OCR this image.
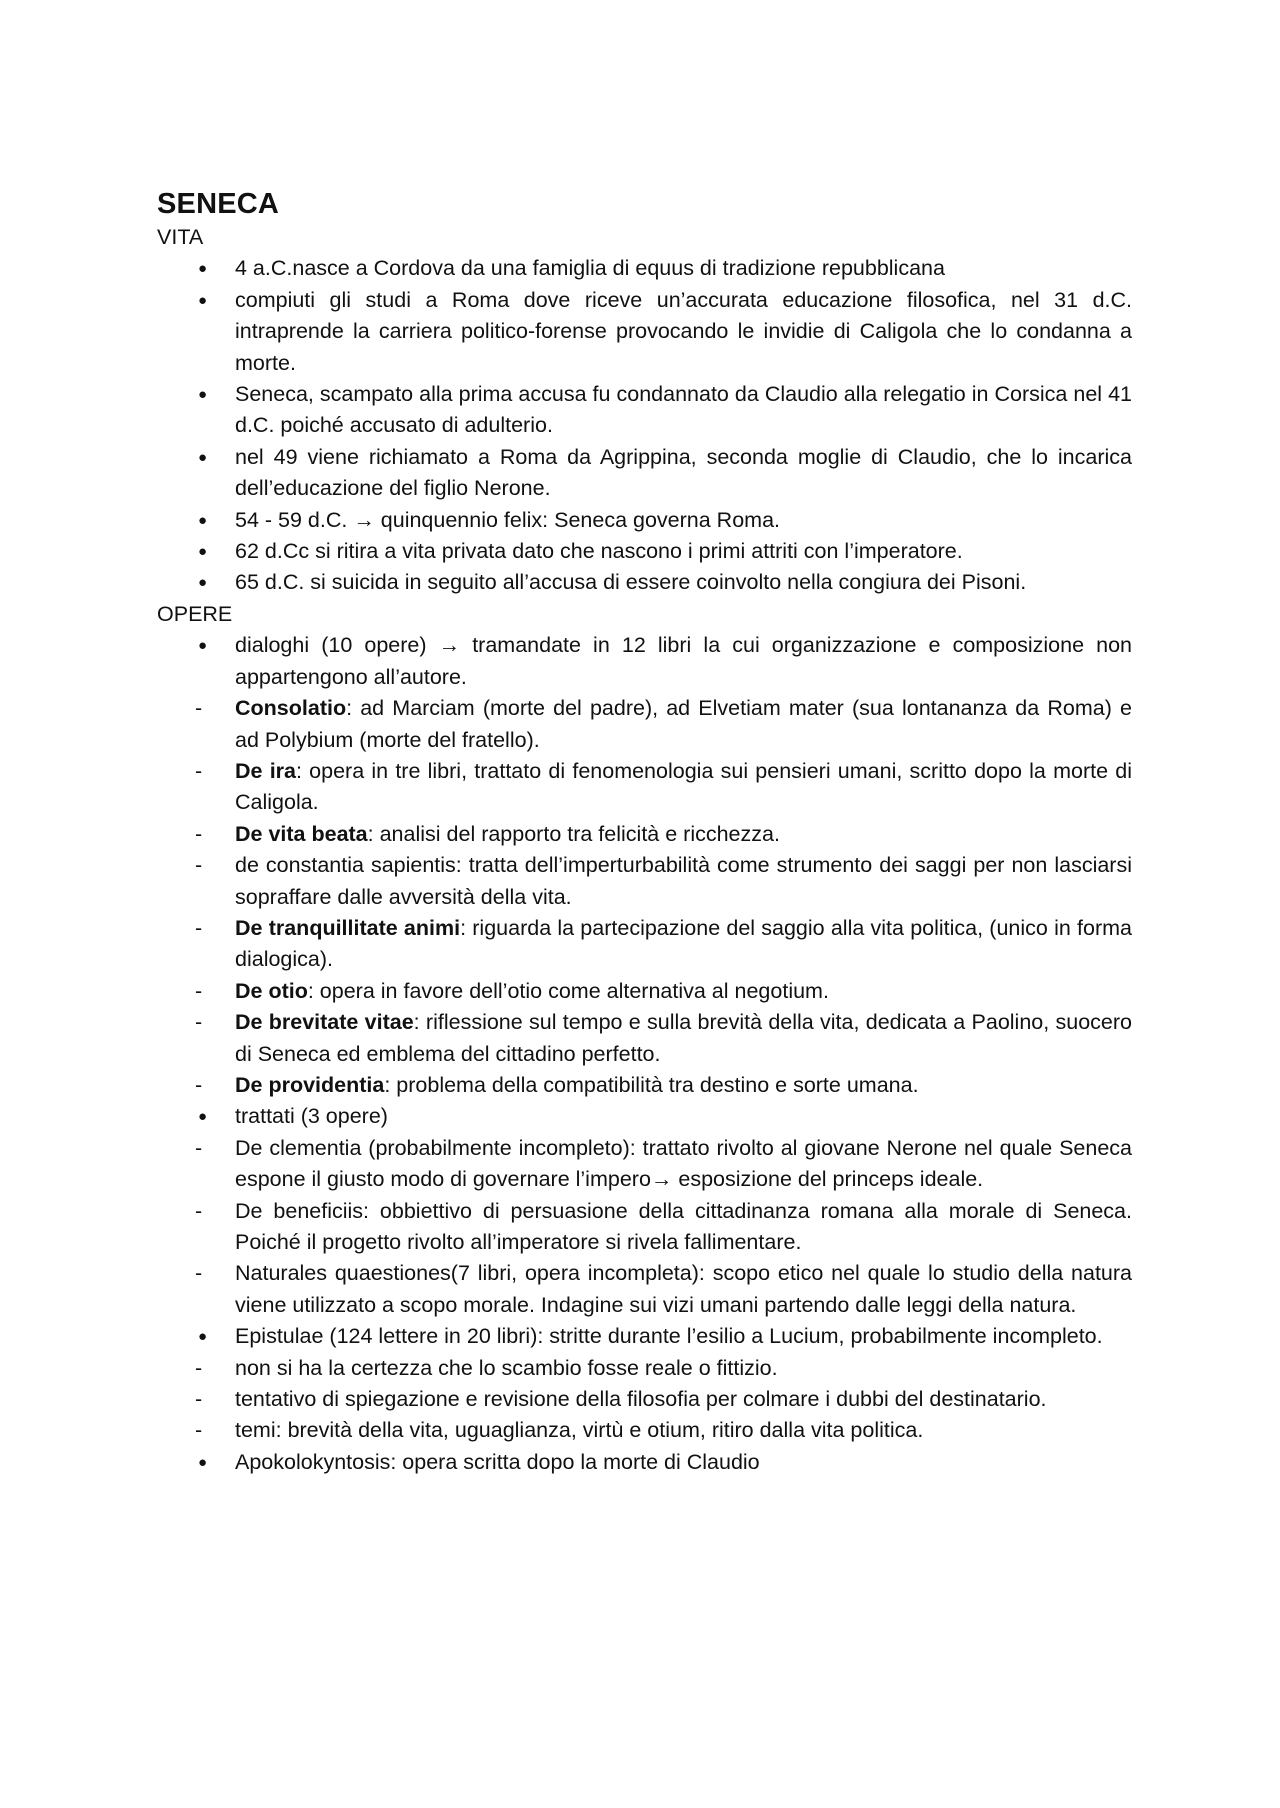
SENECA
VITA
● 4 a.C.nasce a Cordova da una famiglia di equus di tradizione repubblicana
● compiuti gli studi a Roma dove riceve un’accurata educazione filosofica, nel 31 d.C. intraprende la carriera politico-forense provocando le invidie di Caligola che lo condanna a morte.
● Seneca, scampato alla prima accusa fu condannato da Claudio alla relegatio in Corsica nel 41 d.C. poiché accusato di adulterio.
● nel 49 viene richiamato a Roma da Agrippina, seconda moglie di Claudio, che lo incarica dell’educazione del figlio Nerone.
● 54 - 59 d.C. → quinquennio felix: Seneca governa Roma.
● 62 d.Cc si ritira a vita privata dato che nascono i primi attriti con l’imperatore.
● 65 d.C. si suicida in seguito all’accusa di essere coinvolto nella congiura dei Pisoni.
OPERE
● dialoghi (10 opere) → tramandate in 12 libri la cui organizzazione e composizione non appartengono all’autore.
- Consolatio: ad Marciam (morte del padre), ad Elvetiam mater (sua lontananza da Roma) e ad Polybium (morte del fratello).
- De ira: opera in tre libri, trattato di fenomenologia sui pensieri umani, scritto dopo la morte di Caligola.
- De vita beata: analisi del rapporto tra felicità e ricchezza.
- de constantia sapientis: tratta dell’imperturbabilità come strumento dei saggi per non lasciarsi sopraffare dalle avversità della vita.
- De tranquillitate animi: riguarda la partecipazione del saggio alla vita politica, (unico in forma dialogica).
- De otio: opera in favore dell’otio come alternativa al negotium.
- De brevitate vitae: riflessione sul tempo e sulla brevità della vita, dedicata a Paolino, suocero di Seneca ed emblema del cittadino perfetto.
- De providentia: problema della compatibilità tra destino e sorte umana.
● trattati (3 opere)
- De clementia (probabilmente incompleto): trattato rivolto al giovane Nerone nel quale Seneca espone il giusto modo di governare l’impero→ esposizione del princeps ideale.
- De beneficiis: obbiettivo di persuasione della cittadinanza romana alla morale di Seneca. Poiché il progetto rivolto all’imperatore si rivela fallimentare.
- Naturales quaestiones(7 libri, opera incompleta): scopo etico nel quale lo studio della natura viene utilizzato a scopo morale. Indagine sui vizi umani partendo dalle leggi della natura.
● Epistulae (124 lettere in 20 libri): stritte durante l’esilio a Lucium, probabilmente incompleto.
- non si ha la certezza che lo scambio fosse reale o fittizio.
- tentativo di spiegazione e revisione della filosofia per colmare i dubbi del destinatario.
- temi: brevità della vita, uguaglianza, virtù e otium, ritiro dalla vita politica.
● Apokolokyntosis: opera scritta dopo la morte di Claudio
